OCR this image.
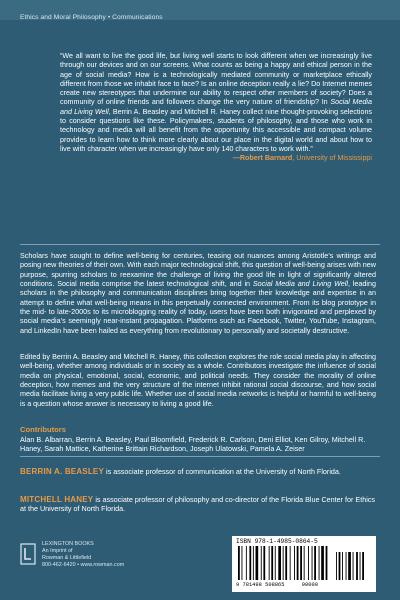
Ethics and Moral Philosophy • Communications
“We all want to live the good life, but living well starts to look different when we increasingly live through our devices and on our screens. What counts as being a happy and ethical person in the age of social media? How is a technologically mediated community or marketplace ethically different from those we inhabit face to face? Is an online deception really a lie? Do Internet memes create new stereotypes that undermine our ability to respect other members of society? Does a community of online friends and followers change the very nature of friendship? In Social Media and Living Well, Berrin A. Beasley and Mitchell R. Haney collect nine thought-provoking selections to consider questions like these. Policymakers, students of philosophy, and those who work in technology and media will all benefit from the opportunity this accessible and compact volume provides to learn how to think more clearly about our place in the digital world and about how to live with character when we increasingly have only 140 characters to work with.”
—Robert Barnard, University of Mississippi
Scholars have sought to define well-being for centuries, teasing out nuances among Aristotle’s writings and posing new theories of their own. With each major technological shift, this question of well-being arises with new purpose, spurring scholars to reexamine the challenge of living the good life in light of significantly altered conditions. Social media comprise the latest technological shift, and in Social Media and Living Well, leading scholars in the philosophy and communication disciplines bring together their knowledge and expertise in an attempt to define what well-being means in this perpetually connected environment. From its blog prototype in the mid- to late-2000s to its microblogging reality of today, users have been both invigorated and perplexed by social media’s seemingly near-instant propagation. Platforms such as Facebook, Twitter, YouTube, Instagram, and LinkedIn have been hailed as everything from revolutionary to personally and societally destructive.
Edited by Berrin A. Beasley and Mitchell R. Haney, this collection explores the role social media play in affecting well-being, whether among individuals or in society as a whole. Contributors investigate the influence of social media on physical, emotional, social, economic, and political needs. They consider the morality of online deception, how memes and the very structure of the internet inhibit rational social discourse, and how social media facilitate living a very public life. Whether use of social media networks is helpful or harmful to well-being is a question whose answer is necessary to living a good life.
Contributors
Alan B. Albarran, Berrin A. Beasley, Paul Bloomfield, Frederick R. Carlson, Deni Elliot, Ken Gilroy, Mitchell R. Haney, Sarah Mattice, Katherine Brittain Richardson, Joseph Ulatowski, Pamela A. Zeiser
BERRIN A. BEASLEY is associate professor of communication at the University of North Florida.
MITCHELL HANEY is associate professor of philosophy and co-director of the Florida Blue Center for Ethics at the University of North Florida.
LEXINGTON BOOKS
An Imprint of
Rowman & Littlefield
800-462-6420 • www.rowman.com
ISBN 978-1-4985-0864-5
9 781498 508865	90000
